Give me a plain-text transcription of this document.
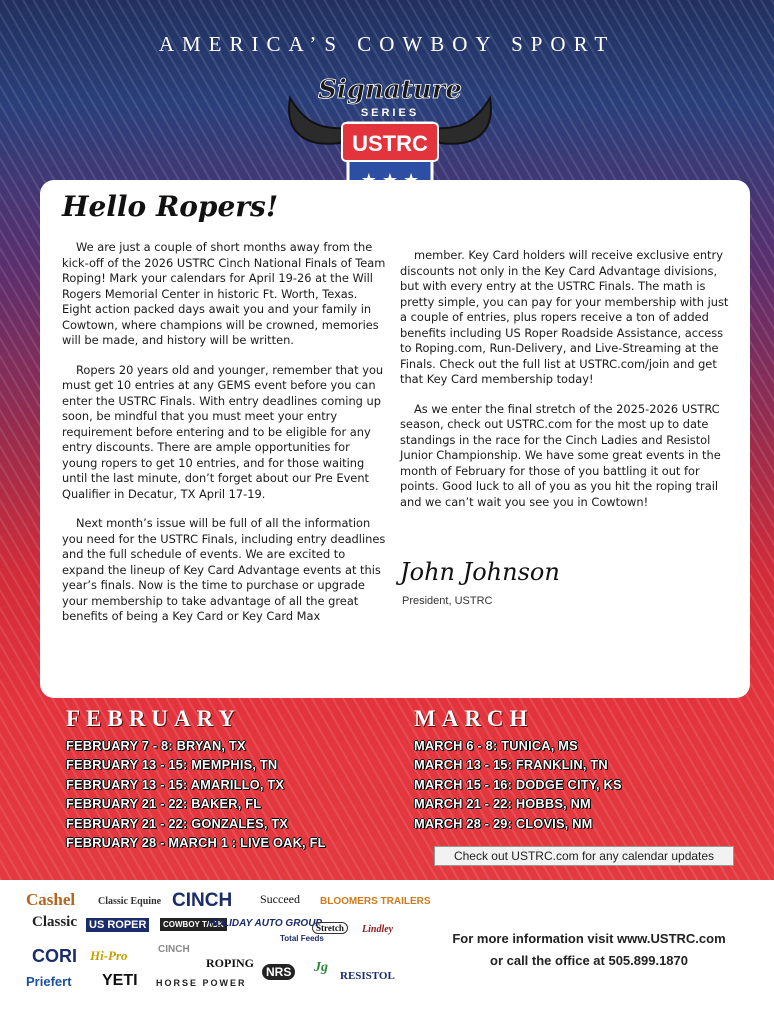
AMERICA’S COWBOY SPORT
Signature
SERIES
USTRC
Hello Ropers!

We are just a couple of short months away from the kick-off of the 2026 USTRC Cinch National Finals of Team Roping! Mark your calendars for April 19-26 at the Will Rogers Memorial Center in historic Ft. Worth, Texas. Eight action packed days await you and your family in Cowtown, where champions will be crowned, memories will be made, and history will be written.

Ropers 20 years old and younger, remember that you must get 10 entries at any GEMS event before you can enter the USTRC Finals. With entry deadlines coming up soon, be mindful that you must meet your entry requirement before entering and to be eligible for any entry discounts. There are ample opportunities for young ropers to get 10 entries, and for those waiting until the last minute, don’t forget about our Pre Event Qualifier in Decatur, TX April 17-19.

Next month’s issue will be full of all the information you need for the USTRC Finals, including entry deadlines and the full schedule of events. We are excited to expand the lineup of Key Card Advantage events at this year’s finals. Now is the time to purchase or upgrade your membership to take advantage of all the great benefits of being a Key Card or Key Card Max

member. Key Card holders will receive exclusive entry discounts not only in the Key Card Advantage divisions, but with every entry at the USTRC Finals. The math is pretty simple, you can pay for your membership with just a couple of entries, plus ropers receive a ton of added benefits including US Roper Roadside Assistance, access to Roping.com, Run-Delivery, and Live-Streaming at the Finals. Check out the full list at USTRC.com/join and get that Key Card membership today!

As we enter the final stretch of the 2025-2026 USTRC season, check out USTRC.com for the most up to date standings in the race for the Cinch Ladies and Resistol Junior Championship. We have some great events in the month of February for those of you battling it out for points. Good luck to all of you as you hit the roping trail and we can’t wait you see you in Cowtown!

John Johnson
President, USTRC
FEBRUARY
FEBRUARY 7 - 8: BRYAN, TX
FEBRUARY 13 - 15: MEMPHIS, TN
FEBRUARY 13 - 15: AMARILLO, TX
FEBRUARY 21 - 22: BAKER, FL
FEBRUARY 21 - 22: GONZALES, TX
FEBRUARY 28 - MARCH 1 : LIVE OAK, FL
MARCH
MARCH 6 - 8: TUNICA, MS
MARCH 13 - 15: FRANKLIN, TN
MARCH 15 - 16: DODGE CITY, KS
MARCH 21 - 22: HOBBS, NM
MARCH 28 - 29: CLOVIS, NM
Check out USTRC.com for any calendar updates
Cashel Classic Equine CINCH Succeed BLOOMERS TRAILERS
Classic US ROPER	COWBOY TACK
HOLIDAY AUTO GROUP
Total Feeds
Stretch	Lindley
CORI Hi-Pro	CINCH
ROPING
NRS Jg
RESISTOL
Priefert YETI HORSE POWER
For more information visit www.USTRC.com
or call the office at 505.899.1870
